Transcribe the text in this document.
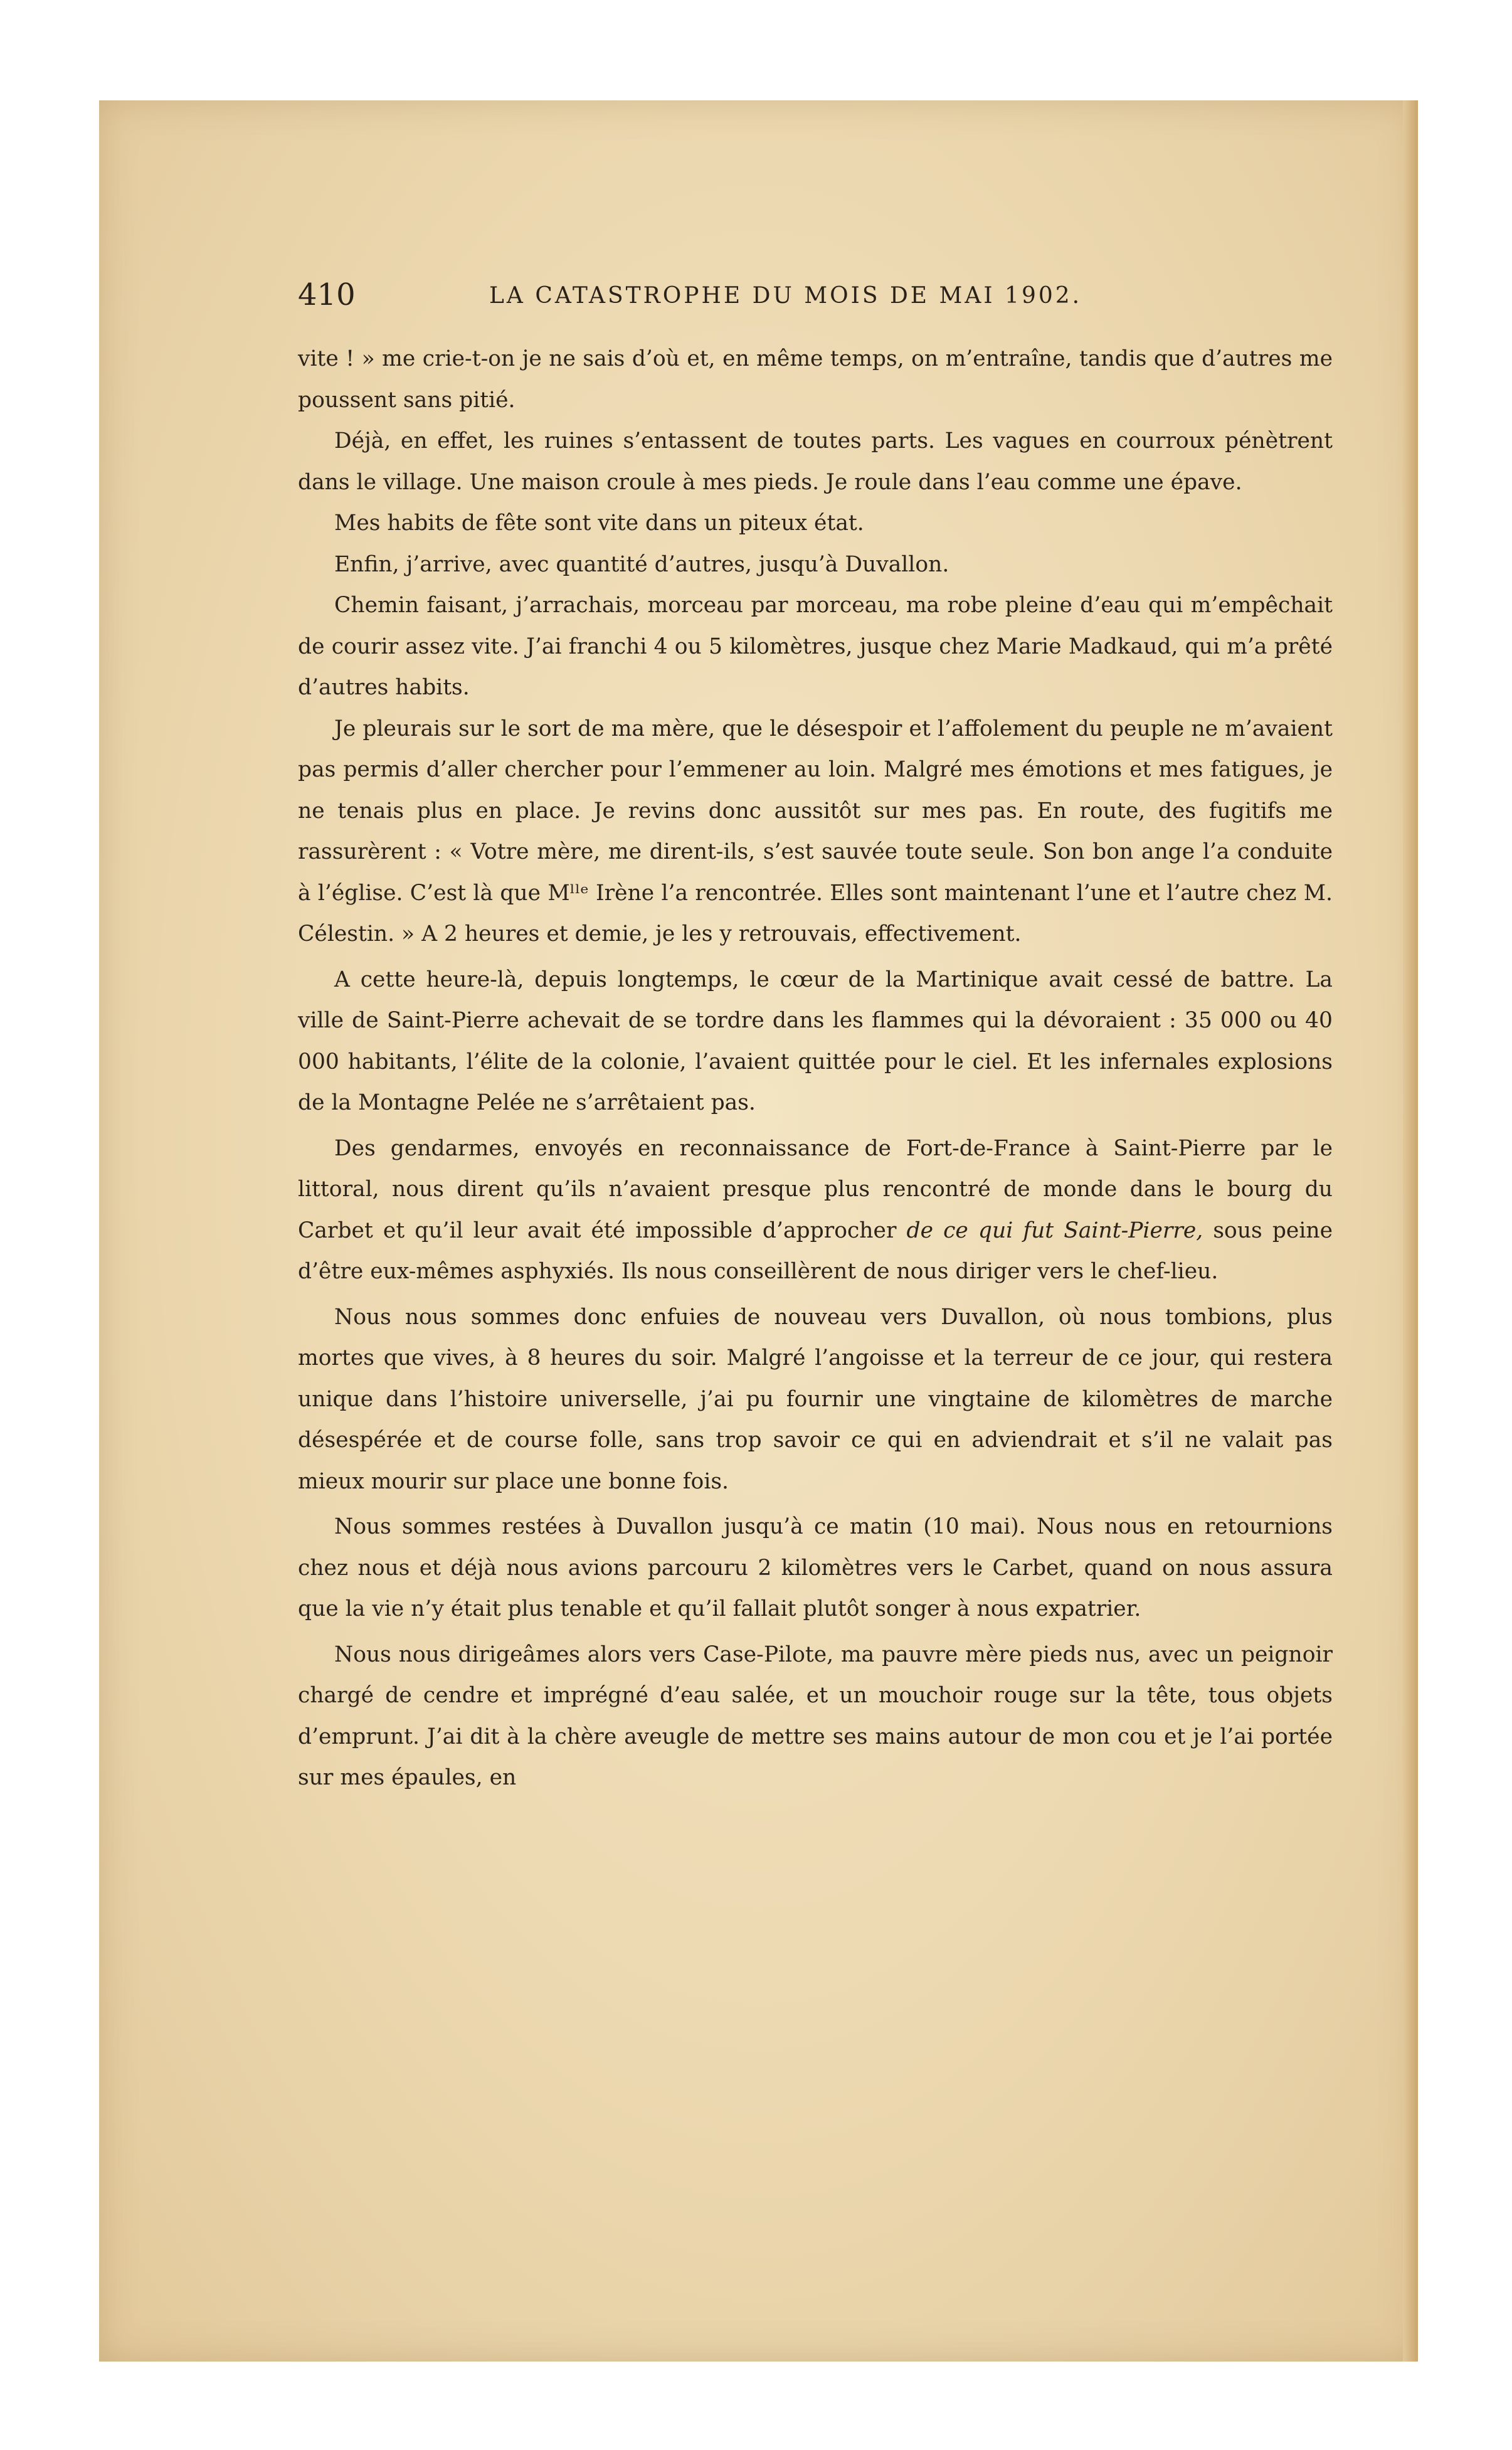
410	LA CATASTROPHE DU MOIS DE MAI 1902.

vite ! » me crie-t-on je ne sais d’où et, en même temps, on m’entraîne, tandis que d’autres me poussent sans pitié.

Déjà, en effet, les ruines s’entassent de toutes parts. Les vagues en courroux pénètrent dans le village. Une maison croule à mes pieds. Je roule dans l’eau comme une épave.

Mes habits de fête sont vite dans un piteux état.

Enfin, j’arrive, avec quantité d’autres, jusqu’à Duvallon.

Chemin faisant, j’arrachais, morceau par morceau, ma robe pleine d’eau qui m’empêchait de courir assez vite. J’ai franchi 4 ou 5 kilomètres, jusque chez Marie Madkaud, qui m’a prêté d’autres habits.

Je pleurais sur le sort de ma mère, que le désespoir et l’affolement du peuple ne m’avaient pas permis d’aller chercher pour l’emmener au loin. Malgré mes émotions et mes fatigues, je ne tenais plus en place. Je revins donc aussitôt sur mes pas. En route, des fugitifs me rassurèrent : « Votre mère, me dirent-ils, s’est sauvée toute seule. Son bon ange l’a conduite à l’église. C’est là que Mˡˡᵉ Irène l’a rencontrée. Elles sont maintenant l’une et l’autre chez M. Célestin. » A 2 heures et demie, je les y retrouvais, effectivement.

A cette heure-là, depuis longtemps, le cœur de la Martinique avait cessé de battre. La ville de Saint-Pierre achevait de se tordre dans les flammes qui la dévoraient : 35 000 ou 40 000 habitants, l’élite de la colonie, l’avaient quittée pour le ciel. Et les infernales explosions de la Montagne Pelée ne s’arrêtaient pas.

Des gendarmes, envoyés en reconnaissance de Fort-de-France à Saint-Pierre par le littoral, nous dirent qu’ils n’avaient presque plus rencontré de monde dans le bourg du Carbet et qu’il leur avait été impossible d’approcher de ce qui fut Saint-Pierre, sous peine d’être eux-mêmes asphyxiés. Ils nous conseillèrent de nous diriger vers le chef-lieu.

Nous nous sommes donc enfuies de nouveau vers Duvallon, où nous tombions, plus mortes que vives, à 8 heures du soir. Malgré l’angoisse et la terreur de ce jour, qui restera unique dans l’histoire universelle, j’ai pu fournir une vingtaine de kilomètres de marche désespérée et de course folle, sans trop savoir ce qui en adviendrait et s’il ne valait pas mieux mourir sur place une bonne fois.

Nous sommes restées à Duvallon jusqu’à ce matin (10 mai). Nous nous en retournions chez nous et déjà nous avions parcouru 2 kilomètres vers le Carbet, quand on nous assura que la vie n’y était plus tenable et qu’il fallait plutôt songer à nous expatrier.

Nous nous dirigeâmes alors vers Case-Pilote, ma pauvre mère pieds nus, avec un peignoir chargé de cendre et imprégné d’eau salée, et un mouchoir rouge sur la tête, tous objets d’emprunt. J’ai dit à la chère aveugle de mettre ses mains autour de mon cou et je l’ai portée sur mes épaules, en
